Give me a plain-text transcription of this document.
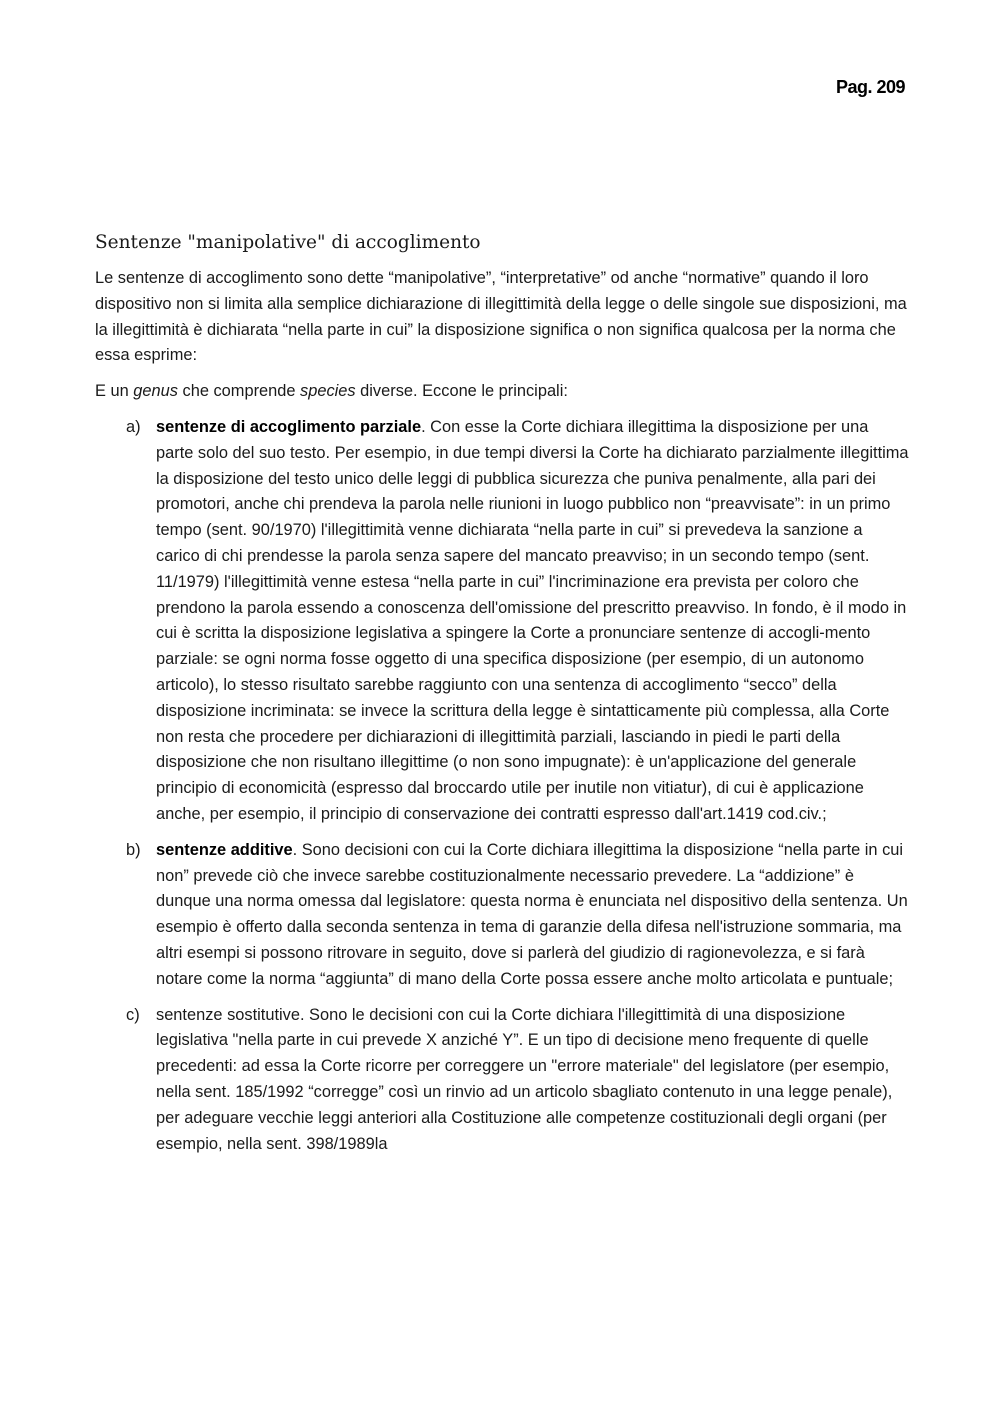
Pag. 209
Sentenze "manipolative" di accoglimento

Le sentenze di accoglimento sono dette “manipolative”, “interpretative” od anche “normative” quando il loro dispositivo non si limita alla semplice dichiarazione di illegittimità della legge o delle singole sue disposizioni, ma la illegittimità è dichiarata “nella parte in cui” la disposizione significa o non significa qualcosa per la norma che essa esprime:

E un genus che comprende species diverse. Eccone le principali:

a) sentenze di accoglimento parziale. Con esse la Corte dichiara illegittima la disposizione per una parte solo del suo testo. Per esempio, in due tempi diversi la Corte ha dichiarato parzialmente illegittima la disposizione del testo unico delle leggi di pubblica sicurezza che puniva penalmente, alla pari dei promotori, anche chi prendeva la parola nelle riunioni in luogo pubblico non “preavvisate”: in un primo tempo (sent. 90/1970) l'illegittimità venne dichiarata “nella parte in cui” si prevedeva la sanzione a carico di chi prendesse la parola senza sapere del mancato preavviso; in un secondo tempo (sent. 11/1979) l'illegittimità venne estesa “nella parte in cui” l'incriminazione era prevista per coloro che prendono la parola essendo a conoscenza dell'omissione del prescritto preavviso. In fondo, è il modo in cui è scritta la disposizione legislativa a spingere la Corte a pronunciare sentenze di accogli-mento parziale: se ogni norma fosse oggetto di una specifica disposizione (per esempio, di un autonomo articolo), lo stesso risultato sarebbe raggiunto con una sentenza di accoglimento “secco” della disposizione incriminata: se invece la scrittura della legge è sintatticamente più complessa, alla Corte non resta che procedere per dichiarazioni di illegittimità parziali, lasciando in piedi le parti della disposizione che non risultano illegittime (o non sono impugnate): è un'applicazione del generale principio di economicità (espresso dal broccardo utile per inutile non vitiatur), di cui è applicazione anche, per esempio, il principio di conservazione dei contratti espresso dall'art.1419 cod.civ.;
b) sentenze additive. Sono decisioni con cui la Corte dichiara illegittima la disposizione “nella parte in cui non” prevede ciò che invece sarebbe costituzionalmente necessario prevedere. La “addizione” è dunque una norma omessa dal legislatore: questa norma è enunciata nel dispositivo della sentenza. Un esempio è offerto dalla seconda sentenza in tema di garanzie della difesa nell'istruzione sommaria, ma altri esempi si possono ritrovare in seguito, dove si parlerà del giudizio di ragionevolezza, e si farà notare come la norma “aggiunta” di mano della Corte possa essere anche molto articolata e puntuale;
c) sentenze sostitutive. Sono le decisioni con cui la Corte dichiara l'illegittimità di una disposizione legislativa "nella parte in cui prevede X anziché Y”. E un tipo di decisione meno frequente di quelle precedenti: ad essa la Corte ricorre per correggere un "errore materiale" del legislatore (per esempio, nella sent. 185/1992 “corregge” così un rinvio ad un articolo sbagliato contenuto in una legge penale), per adeguare vecchie leggi anteriori alla Costituzione alle competenze costituzionali degli organi (per esempio, nella sent. 398/1989la
